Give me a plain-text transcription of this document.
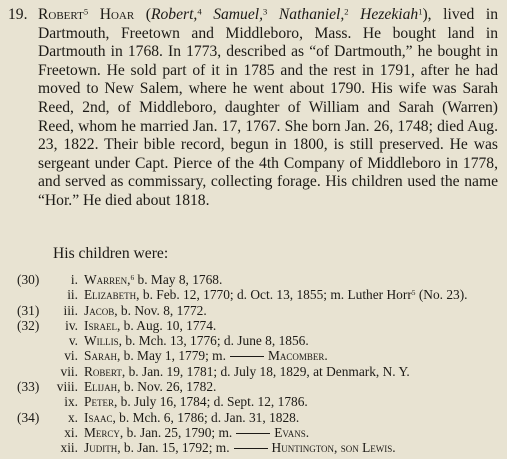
19. Robert$^5$ Hoar (Robert,$^4$ Samuel,$^3$ Nathaniel,$^2$ Hezekiah$^1$), lived in Dartmouth, Freetown and Middleboro, Mass. He bought land in Dartmouth in 1768. In 1773, described as “of Dartmouth,” he bought in Freetown. He sold part of it in 1785 and the rest in 1791, after he had moved to New Salem, where he went about 1790. His wife was Sarah Reed, 2nd, of Middleboro, daughter of William and Sarah (Warren) Reed, whom he married Jan. 17, 1767. She born Jan. 26, 1748; died Aug. 23, 1822. Their bible record, begun in 1800, is still preserved. He was sergeant under Capt. Pierce of the 4th Company of Middleboro in 1778, and served as commissary, collecting forage. His children used the name “Hor.” He died about 1818.
His children were:
(30)	i. Warren,$^6$ b. May 8, 1768.
ii. Elizabeth, b. Feb. 12, 1770; d. Oct. 13, 1855; m. Luther Horr$^5$ (No. 23).
(31)	iii. Jacob, b. Nov. 8, 1772.
(32)	iv. Israel, b. Aug. 10, 1774.
v. Willis, b. Mch. 13, 1776; d. June 8, 1856.
vi. Sarah, b. May 1, 1779; m.	Macomber.
vii. Robert, b. Jan. 19, 1781; d. July 18, 1829, at Denmark, N. Y.
(33)	viii. Elijah, b. Nov. 26, 1782.
ix. Peter, b. July 16, 1784; d. Sept. 12, 1786.
(34)	x. Isaac, b. Mch. 6, 1786; d. Jan. 31, 1828.
xi. Mercy, b. Jan. 25, 1790; m.	Evans.
xii. Judith, b. Jan. 15, 1792; m.	Huntington, son Lewis.
